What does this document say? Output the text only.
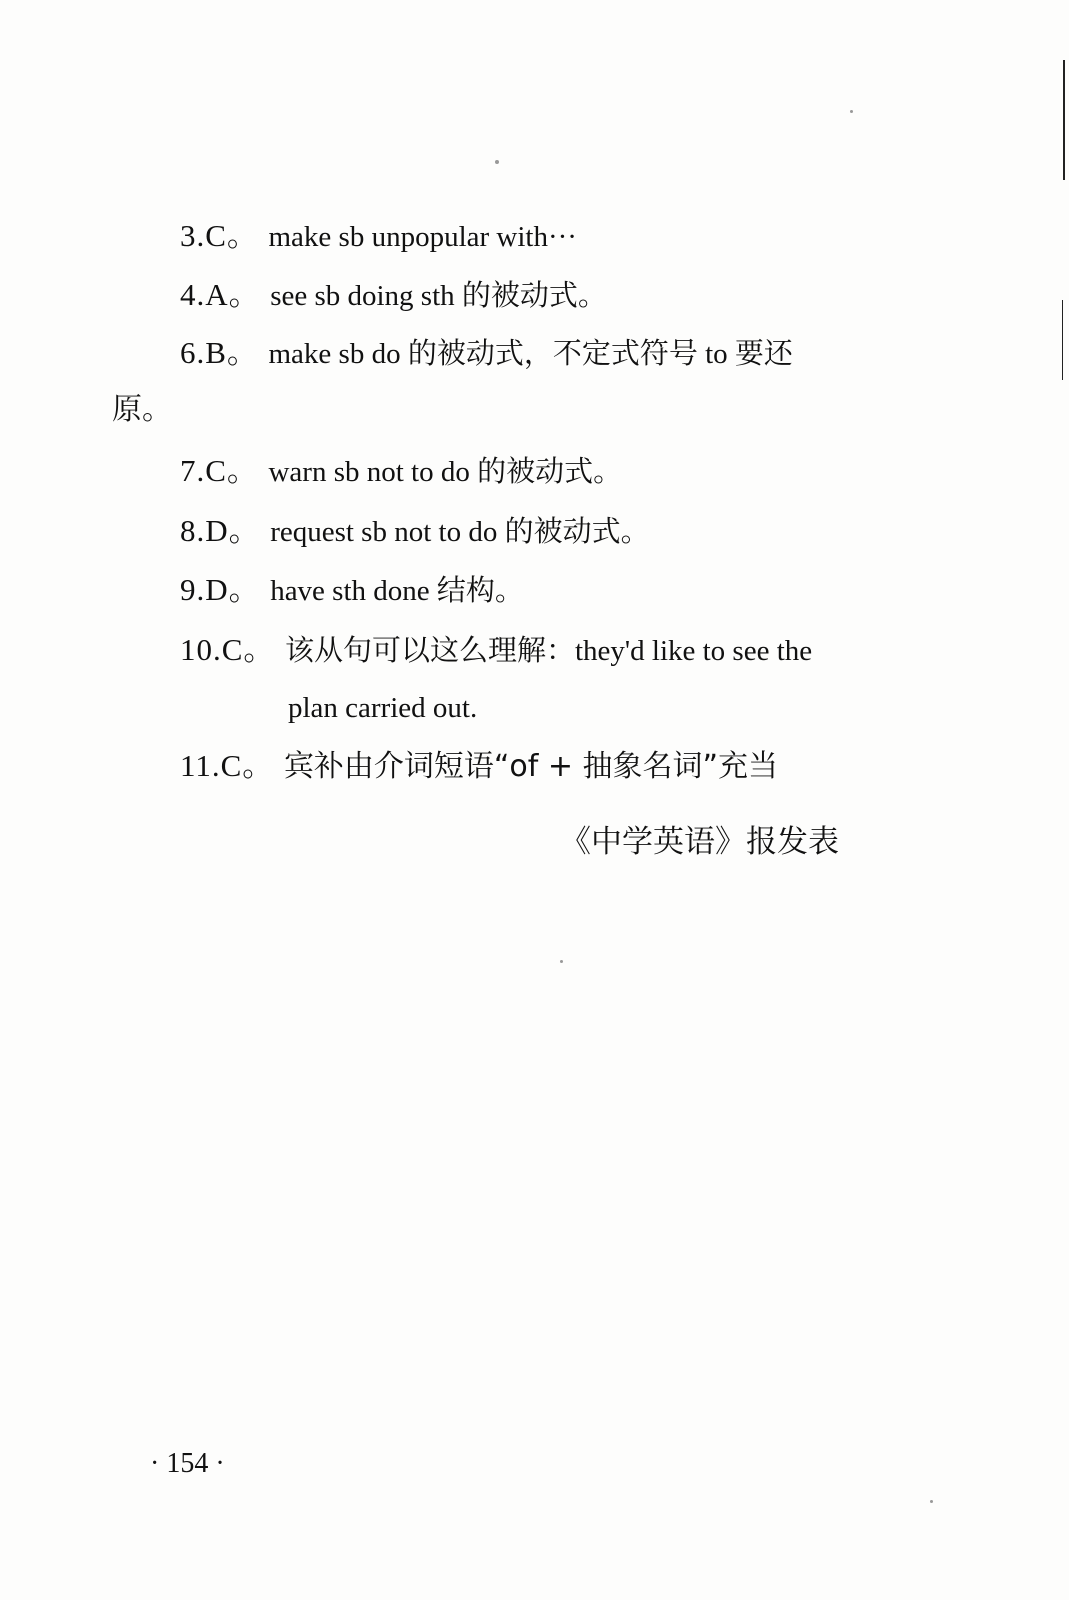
3.C。 make sb unpopular with···
4.A。 see sb doing sth 的被动式。
6.B。 make sb do 的被动式，不定式符号 to 要还
原。
7.C。 warn sb not to do 的被动式。
8.D。 request sb not to do 的被动式。
9.D。 have sth done 结构。
10.C。 该从句可以这么理解：they'd like to see the
plan carried out.
11.C。 宾补由介词短语“of + 抽象名词”充当
《中学英语》报发表
· 154 ·
